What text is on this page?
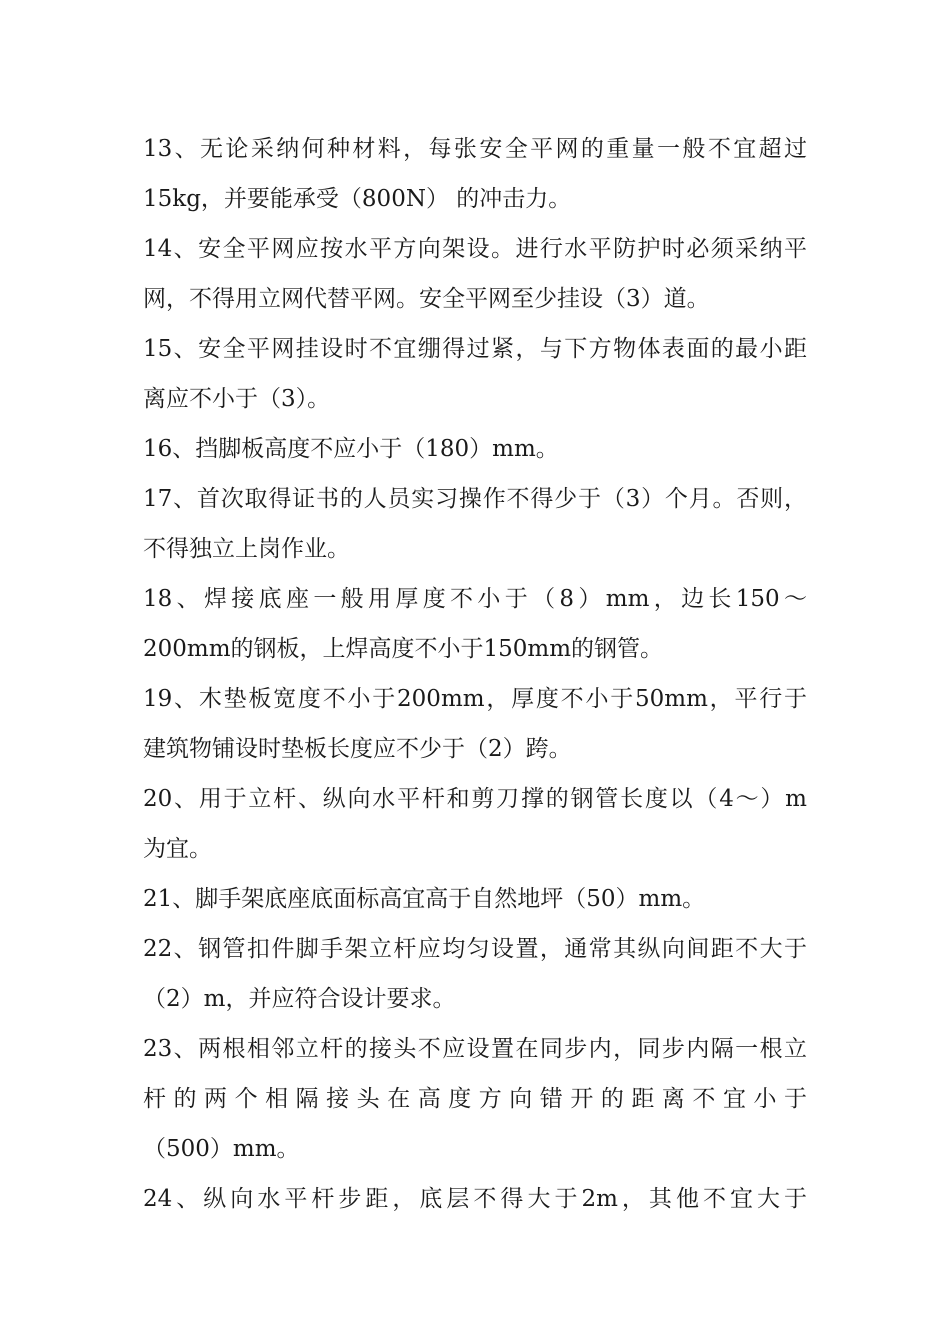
13、无论采纳何种材料，每张安全平网的重量一般不宜超过
15kg，并要能承受（800N） 的冲击力。
14、安全平网应按水平方向架设。进行水平防护时必须采纳平
网，不得用立网代替平网。安全平网至少挂设（3）道。
15、安全平网挂设时不宜绷得过紧，与下方物体表面的最小距
离应不小于（3）。
16、挡脚板高度不应小于（180）mm。
17、首次取得证书的人员实习操作不得少于（3）个月。否则，
不得独立上岗作业。
18、焊接底座一般用厚度不小于（8）mm，边长150～
200mm的钢板，上焊高度不小于150mm的钢管。
19、木垫板宽度不小于200mm，厚度不小于50mm，平行于
建筑物铺设时垫板长度应不少于（2）跨。
20、用于立杆、纵向水平杆和剪刀撑的钢管长度以（4～）m
为宜。
21、脚手架底座底面标高宜高于自然地坪（50）mm。
22、钢管扣件脚手架立杆应均匀设置，通常其纵向间距不大于
（2）m，并应符合设计要求。
23、两根相邻立杆的接头不应设置在同步内，同步内隔一根立
杆的两个相隔接头在高度方向错开的距离不宜小于
（500）mm。
24、纵向水平杆步距，底层不得大于2m，其他不宜大于
